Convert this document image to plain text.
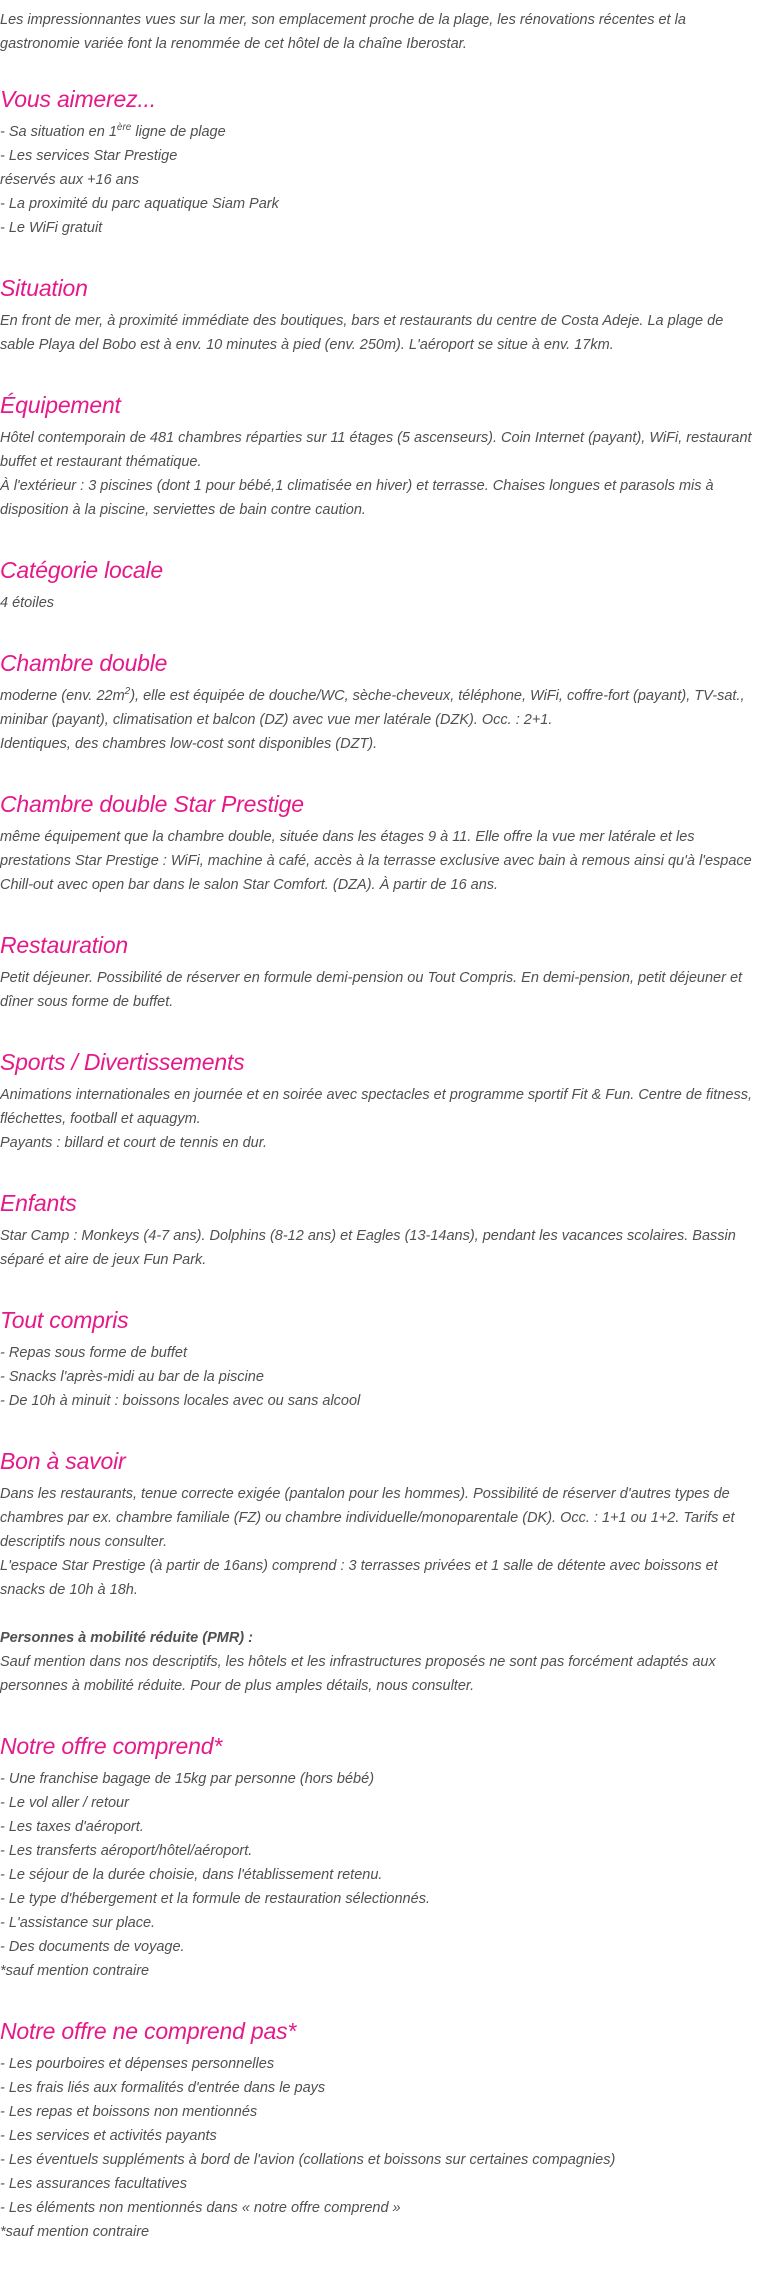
Les impressionnantes vues sur la mer, son emplacement proche de la plage, les rénovations récentes et la gastronomie variée font la renommée de cet hôtel de la chaîne Iberostar.

Vous aimerez...

- Sa situation en 1ère ligne de plage

- Les services Star Prestige

réservés aux +16 ans

- La proximité du parc aquatique Siam Park

- Le WiFi gratuit

Situation

En front de mer, à proximité immédiate des boutiques, bars et restaurants du centre de Costa Adeje. La plage de sable Playa del Bobo est à env. 10 minutes à pied (env. 250m). L'aéroport se situe à env. 17km.

Équipement

Hôtel contemporain de 481 chambres réparties sur 11 étages (5 ascenseurs). Coin Internet (payant), WiFi, restaurant buffet et restaurant thématique.

À l'extérieur : 3 piscines (dont 1 pour bébé,1 climatisée en hiver) et terrasse. Chaises longues et parasols mis à disposition à la piscine, serviettes de bain contre caution.

Catégorie locale

4 étoiles

Chambre double

moderne (env. $22m^2$), elle est équipée de douche/WC, sèche-cheveux, téléphone, WiFi, coffre-fort (payant), TV-sat., minibar (payant), climatisation et balcon (DZ) avec vue mer latérale (DZK). Occ. : 2+1.

Identiques, des chambres low-cost sont disponibles (DZT).

Chambre double Star Prestige

même équipement que la chambre double, située dans les étages 9 à 11. Elle offre la vue mer latérale et les prestations Star Prestige : WiFi, machine à café, accès à la terrasse exclusive avec bain à remous ainsi qu'à l'espace Chill-out avec open bar dans le salon Star Comfort. (DZA). À partir de 16 ans.

Restauration

Petit déjeuner. Possibilité de réserver en formule demi-pension ou Tout Compris. En demi-pension, petit déjeuner et dîner sous forme de buffet.

Sports / Divertissements

Animations internationales en journée et en soirée avec spectacles et programme sportif Fit & Fun. Centre de fitness, fléchettes, football et aquagym.

Payants : billard et court de tennis en dur.

Enfants

Star Camp : Monkeys (4-7 ans). Dolphins (8-12 ans) et Eagles (13-14ans), pendant les vacances scolaires. Bassin séparé et aire de jeux Fun Park.

Tout compris

- Repas sous forme de buffet

- Snacks l'après-midi au bar de la piscine

- De 10h à minuit : boissons locales avec ou sans alcool

Bon à savoir

Dans les restaurants, tenue correcte exigée (pantalon pour les hommes). Possibilité de réserver d'autres types de chambres par ex. chambre familiale (FZ) ou chambre individuelle/monoparentale (DK). Occ. : 1+1 ou 1+2. Tarifs et descriptifs nous consulter.

L'espace Star Prestige (à partir de 16ans) comprend : 3 terrasses privées et 1 salle de détente avec boissons et snacks de 10h à 18h.

Personnes à mobilité réduite (PMR) :

Sauf mention dans nos descriptifs, les hôtels et les infrastructures proposés ne sont pas forcément adaptés aux personnes à mobilité réduite. Pour de plus amples détails, nous consulter.

Notre offre comprend*

- Une franchise bagage de 15kg par personne (hors bébé)

- Le vol aller / retour

- Les taxes d'aéroport.

- Les transferts aéroport/hôtel/aéroport.

- Le séjour de la durée choisie, dans l'établissement retenu.

- Le type d'hébergement et la formule de restauration sélectionnés.

- L'assistance sur place.

- Des documents de voyage.

*sauf mention contraire

Notre offre ne comprend pas*

- Les pourboires et dépenses personnelles

- Les frais liés aux formalités d'entrée dans le pays

- Les repas et boissons non mentionnés

- Les services et activités payants

- Les éventuels suppléments à bord de l'avion (collations et boissons sur certaines compagnies)

- Les assurances facultatives

- Les éléments non mentionnés dans « notre offre comprend »

*sauf mention contraire
